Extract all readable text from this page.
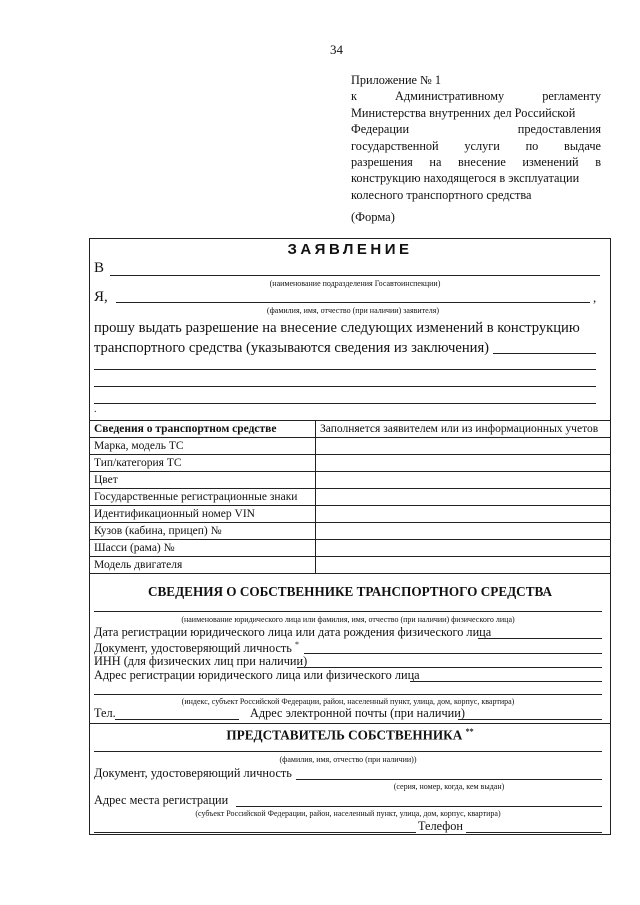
34
Приложение № 1
к Административному регламенту
Министерства внутренних дел Российской
Федерации предоставления
государственной услуги по выдаче
разрешения на внесение изменений в
конструкцию находящегося в эксплуатации
колесного транспортного средства
(Форма)
ЗАЯВЛЕНИЕ
В
(наименование подразделения Госавтоинспекции)
Я,	,
(фамилия, имя, отчество (при наличии) заявителя)
прошу выдать разрешение на внесение следующих изменений в конструкцию
транспортного средства (указываются сведения из заключения)
.
Сведения о транспортном средстве	Заполняется заявителем или из информационных учетов
Марка, модель ТС	
Тип/категория ТС	
Цвет	
Государственные регистрационные знаки	
Идентификационный номер VIN	
Кузов (кабина, прицеп) №	
Шасси (рама) №	
Модель двигателя	
СВЕДЕНИЯ О СОБСТВЕННИКЕ ТРАНСПОРТНОГО СРЕДСТВА
(наименование юридического лица или фамилия, имя, отчество (при наличии) физического лица)
Дата регистрации юридического лица или дата рождения физического лица
Документ, удостоверяющий личность *
ИНН (для физических лиц при наличии)
Адрес регистрации юридического лица или физического лица
(индекс, субъект Российской Федерации, район, населенный пункт, улица, дом, корпус, квартира)
Тел.	Адрес электронной почты (при наличии)
ПРЕДСТАВИТЕЛЬ СОБСТВЕННИКА **
(фамилия, имя, отчество (при наличии))
Документ, удостоверяющий личность
(серия, номер, когда, кем выдан)
Адрес места регистрации
(субъект Российской Федерации, район, населенный пункт, улица, дом, корпус, квартира)
Телефон
